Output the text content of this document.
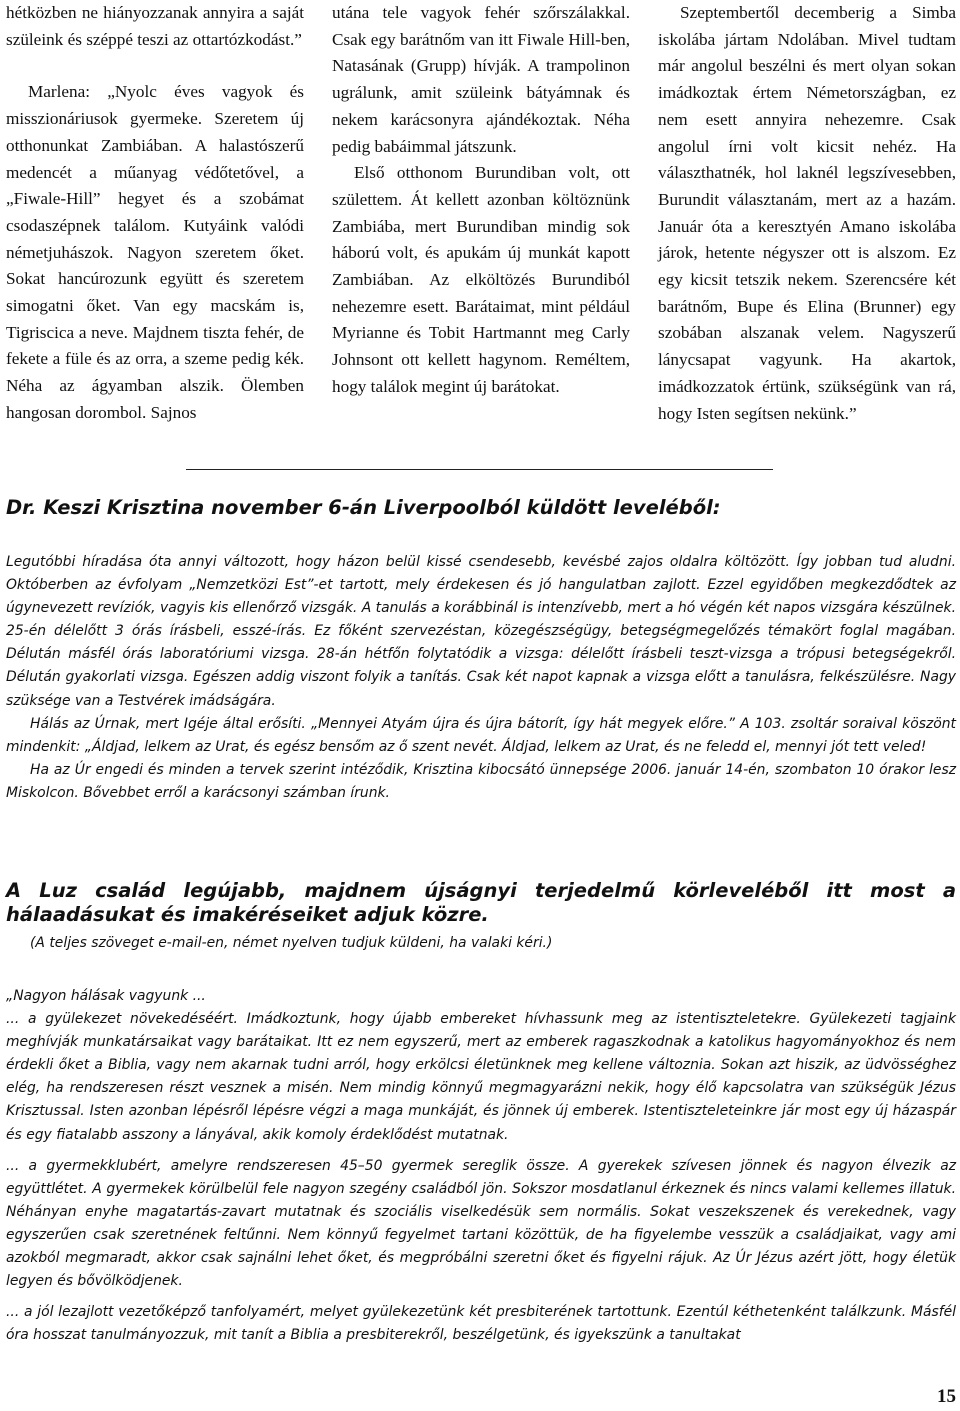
hétközben ne hiányozzanak annyira a saját szüleink és széppé teszi az ottartózkodást.”

Marlena: „Nyolc éves vagyok és misszionáriusok gyermeke. Szeretem új otthonunkat Zambiában. A halastószerű medencét a műanyag védőtetővel, a „Fiwale-Hill” hegyet és a szobámat csodaszépnek találom. Kutyáink valódi németjuhászok. Nagyon szeretem őket. Sokat hancúrozunk együtt és szeretem simogatni őket. Van egy macskám is, Tigriscica a neve. Majdnem tiszta fehér, de fekete a füle és az orra, a szeme pedig kék. Néha az ágyamban alszik. Ölemben hangosan dorombol. Sajnos

utána tele vagyok fehér szőrszálakkal. Csak egy barátnőm van itt Fiwale Hill-ben, Natasának (Grupp) hívják. A trampolinon ugrálunk, amit szüleink bátyámnak és nekem karácsonyra ajándékoztak. Néha pedig babáimmal játszunk.

Első otthonom Burundiban volt, ott születtem. Át kellett azonban költöznünk Zambiába, mert Burundiban mindig sok háború volt, és apukám új munkát kapott Zambiában. Az elköltözés Burundiból nehezemre esett. Barátaimat, mint például Myrianne és Tobit Hartmannt meg Carly Johnsont ott kellett hagynom. Reméltem, hogy találok megint új barátokat.

Szeptembertől decemberig a Simba iskolába jártam Ndolában. Mivel tudtam már angolul beszélni és mert olyan sokan imádkoztak értem Németországban, ez nem esett annyira nehezemre. Csak angolul írni volt kicsit nehéz. Ha választhatnék, hol laknél legszívesebben, Burundit választanám, mert az a hazám. Január óta a keresztyén Amano iskolába járok, hetente négyszer ott is alszom. Ez egy kicsit tetszik nekem. Szerencsére két barátnőm, Bupe és Elina (Brunner) egy szobában alszanak velem. Nagyszerű lánycsapat vagyunk. Ha akartok, imádkozzatok értünk, szükségünk van rá, hogy Isten segítsen nekünk.”

Dr. Keszi Krisztina november 6-án Liverpoolból küldött leveléből:

Legutóbbi híradása óta annyi változott, hogy házon belül kissé csendesebb, kevésbé zajos oldalra költözött. Így jobban tud aludni. Októberben az évfolyam „Nemzetközi Est”-et tartott, mely érdekesen és jó hangulatban zajlott. Ezzel egyidőben megkezdődtek az úgynevezett revíziók, vagyis kis ellenőrző vizsgák. A tanulás a korábbinál is intenzívebb, mert a hó végén két napos vizsgára készülnek. 25-én délelőtt 3 órás írásbeli, esszé-írás. Ez főként szervezéstan, közegészségügy, betegségmegelőzés témakört foglal magában. Délután másfél órás laboratóriumi vizsga. 28-án hétfőn folytatódik a vizsga: délelőtt írásbeli teszt-vizsga a trópusi betegségekről. Délután gyakorlati vizsga. Egészen addig viszont folyik a tanítás. Csak két napot kapnak a vizsga előtt a tanulásra, felkészülésre. Nagy szüksége van a Testvérek imádságára.

Hálás az Úrnak, mert Igéje által erősíti. „Mennyei Atyám újra és újra bátorít, így hát megyek előre.” A 103. zsoltár soraival köszönt mindenkit: „Áldjad, lelkem az Urat, és egész bensőm az ő szent nevét. Áldjad, lelkem az Urat, és ne feledd el, mennyi jót tett veled!

Ha az Úr engedi és minden a tervek szerint intéződik, Krisztina kibocsátó ünnepsége 2006. január 14-én, szombaton 10 órakor lesz Miskolcon. Bővebbet erről a karácsonyi számban írunk.

A Luz család legújabb, majdnem újságnyi terjedelmű körleveléből itt most a hálaadásukat és imakéréseiket adjuk közre.

(A teljes szöveget e-mail-en, német nyelven tudjuk küldeni, ha valaki kéri.)

„Nagyon hálásak vagyunk ...

... a gyülekezet növekedéséért. Imádkoztunk, hogy újabb embereket hívhassunk meg az istentiszteletekre. Gyülekezeti tagjaink meghívják munkatársaikat vagy barátaikat. Itt ez nem egyszerű, mert az emberek ragaszkodnak a katolikus hagyományokhoz és nem érdekli őket a Biblia, vagy nem akarnak tudni arról, hogy erkölcsi életünknek meg kellene változnia. Sokan azt hiszik, az üdvösséghez elég, ha rendszeresen részt vesznek a misén. Nem mindig könnyű megmagyarázni nekik, hogy élő kapcsolatra van szükségük Jézus Krisztussal. Isten azonban lépésről lépésre végzi a maga munkáját, és jönnek új emberek. Istentiszteleteinkre jár most egy új házaspár és egy fiatalabb asszony a lányával, akik komoly érdeklődést mutatnak.

... a gyermekklubért, amelyre rendszeresen 45–50 gyermek sereglik össze. A gyerekek szívesen jönnek és nagyon élvezik az együttlétet. A gyermekek körülbelül fele nagyon szegény családból jön. Sokszor mosdatlanul érkeznek és nincs valami kellemes illatuk. Néhányan enyhe magatartás-zavart mutatnak és szociális viselkedésük sem normális. Sokat veszekszenek és verekednek, vagy egyszerűen csak szeretnének feltűnni. Nem könnyű fegyelmet tartani közöttük, de ha figyelembe vesszük a családjaikat, vagy ami azokból megmaradt, akkor csak sajnálni lehet őket, és megpróbálni szeretni őket és figyelni rájuk. Az Úr Jézus azért jött, hogy életük legyen és bővölködjenek.

... a jól lezajlott vezetőképző tanfolyamért, melyet gyülekezetünk két presbiterének tartottunk. Ezentúl kéthetenként találkzunk. Másfél óra hosszat tanulmányozzuk, mit tanít a Biblia a presbiterekről, beszélgetünk, és igyekszünk a tanultakat

15
